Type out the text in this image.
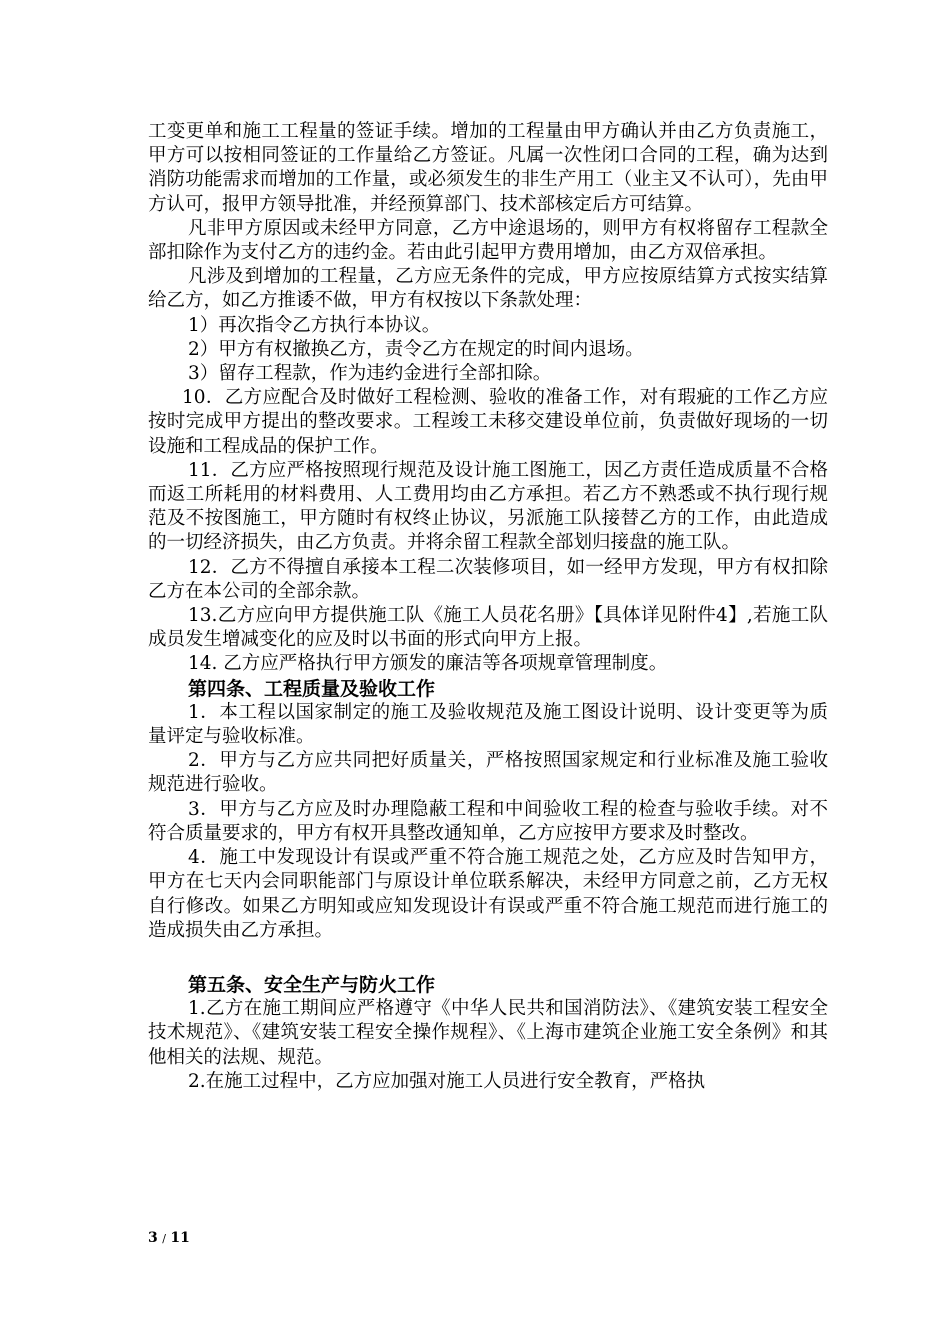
工变更单和施工工程量的签证手续。增加的工程量由甲方确认并由乙方负责施工，甲方可以按相同签证的工作量给乙方签证。凡属一次性闭口合同的工程，确为达到消防功能需求而增加的工作量，或必须发生的非生产用工（业主又不认可），先由甲方认可，报甲方领导批准，并经预算部门、技术部核定后方可结算。

凡非甲方原因或未经甲方同意，乙方中途退场的，则甲方有权将留存工程款全部扣除作为支付乙方的违约金。若由此引起甲方费用增加，由乙方双倍承担。

凡涉及到增加的工程量，乙方应无条件的完成，甲方应按原结算方式按实结算给乙方，如乙方推诿不做，甲方有权按以下条款处理：

1）再次指令乙方执行本协议。

2）甲方有权撤换乙方，责令乙方在规定的时间内退场。

3）留存工程款，作为违约金进行全部扣除。

10．乙方应配合及时做好工程检测、验收的准备工作，对有瑕疵的工作乙方应按时完成甲方提出的整改要求。工程竣工未移交建设单位前，负责做好现场的一切设施和工程成品的保护工作。

11．乙方应严格按照现行规范及设计施工图施工，因乙方责任造成质量不合格而返工所耗用的材料费用、人工费用均由乙方承担。若乙方不熟悉或不执行现行规范及不按图施工，甲方随时有权终止协议，另派施工队接替乙方的工作，由此造成的一切经济损失，由乙方负责。并将余留工程款全部划归接盘的施工队。

12．乙方不得擅自承接本工程二次装修项目，如一经甲方发现，甲方有权扣除乙方在本公司的全部余款。

13.乙方应向甲方提供施工队《施工人员花名册》【具体详见附件4】,若施工队成员发生增减变化的应及时以书面的形式向甲方上报。

14. 乙方应严格执行甲方颁发的廉洁等各项规章管理制度。

第四条、工程质量及验收工作

1．本工程以国家制定的施工及验收规范及施工图设计说明、设计变更等为质量评定与验收标准。

2．甲方与乙方应共同把好质量关，严格按照国家规定和行业标准及施工验收规范进行验收。

3．甲方与乙方应及时办理隐蔽工程和中间验收工程的检查与验收手续。对不符合质量要求的，甲方有权开具整改通知单，乙方应按甲方要求及时整改。

4．施工中发现设计有误或严重不符合施工规范之处，乙方应及时告知甲方，甲方在七天内会同职能部门与原设计单位联系解决，未经甲方同意之前，乙方无权自行修改。如果乙方明知或应知发现设计有误或严重不符合施工规范而进行施工的造成损失由乙方承担。

第五条、安全生产与防火工作

1.乙方在施工期间应严格遵守《中华人民共和国消防法》、《建筑安装工程安全技术规范》、《建筑安装工程安全操作规程》、《上海市建筑企业施工安全条例》和其他相关的法规、规范。

2.在施工过程中，乙方应加强对施工人员进行安全教育，严格执

3 / 11
